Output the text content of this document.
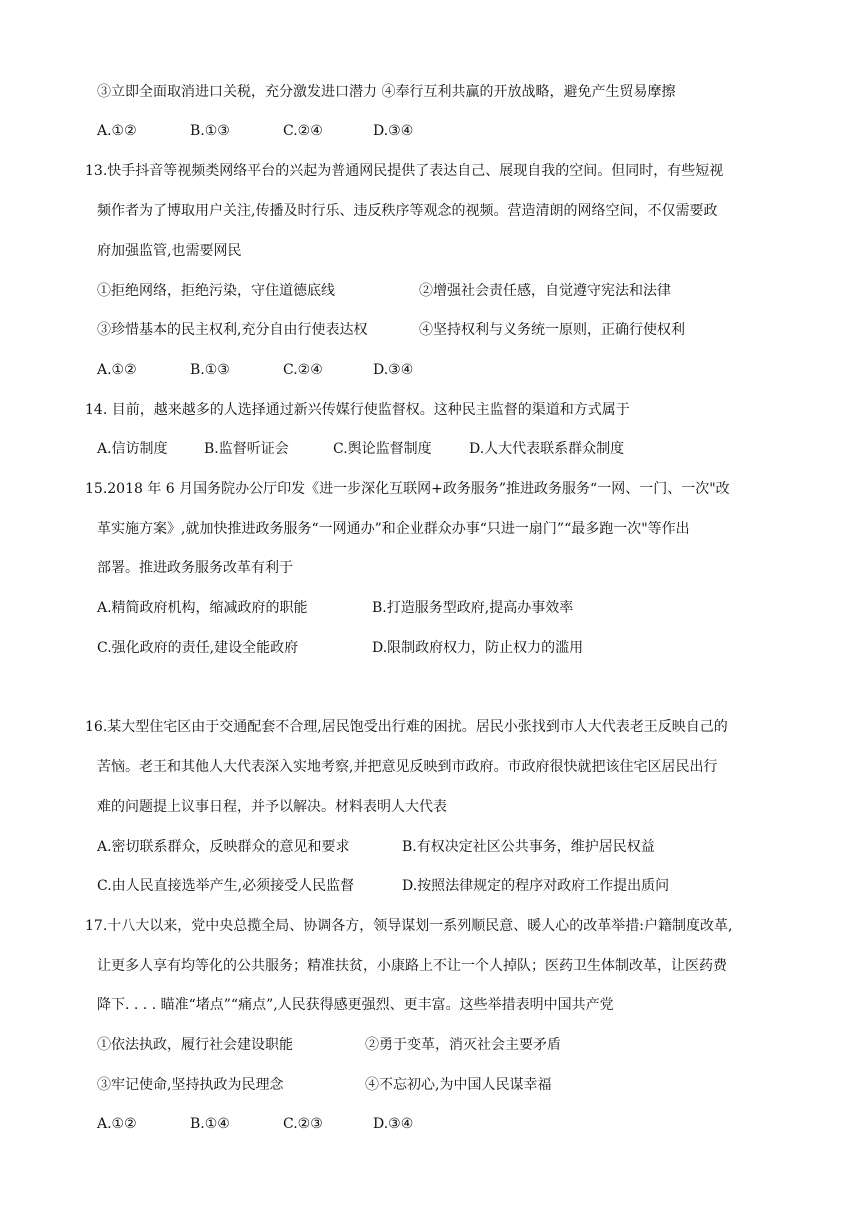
③立即全面取消进口关税，充分激发进口潜力 ④奉行互利共赢的开放战略，避免产生贸易摩擦
A.①②	B.①③	C.②④	D.③④
13.快手抖音等视频类网络平台的兴起为普通网民提供了表达自己、展现自我的空间。但同时，有些短视
频作者为了博取用户关注,传播及时行乐、违反秩序等观念的视频。营造清朗的网络空间，不仅需要政
府加强监管,也需要网民
①拒绝网络，拒绝污染，守住道德底线	②增强社会责任感，自觉遵守宪法和法律
③珍惜基本的民主权利,充分自由行使表达权	④坚持权利与义务统一原则，正确行使权利
A.①②	B.①③	C.②④	D.③④
14. 目前，越来越多的人选择通过新兴传媒行使监督权。这种民主监督的渠道和方式属于
A.信访制度	B.监督听证会	C.舆论监督制度	D.人大代表联系群众制度
15.2018 年 6 月国务院办公厅印发《进一步深化互联网+政务服务”推进政务服务“一网、一门、一次"改
革实施方案》,就加快推进政务服务“一网通办”和企业群众办事“只进一扇门”“最多跑一次"等作出
部署。推进政务服务改革有利于
A.精简政府机构，缩减政府的职能	B.打造服务型政府,提高办事效率
C.强化政府的责任,建设全能政府	D.限制政府权力，防止权力的滥用
16.某大型住宅区由于交通配套不合理,居民饱受出行难的困扰。居民小张找到市人大代表老王反映自己的
苦恼。老王和其他人大代表深入实地考察,并把意见反映到市政府。市政府很快就把该住宅区居民出行
难的问题提上议事日程，并予以解决。材料表明人大代表
A.密切联系群众，反映群众的意见和要求	B.有权决定社区公共事务，维护居民权益
C.由人民直接选举产生,必须接受人民监督	D.按照法律规定的程序对政府工作提出质问
17.十八大以来，党中央总揽全局、协调各方，领导谋划一系列顺民意、暖人心的改革举措:户籍制度改革,
让更多人享有均等化的公共服务；精准扶贫，小康路上不让一个人掉队；医药卫生体制改革，让医药费
降下. . . . 瞄准“堵点”“痛点”,人民获得感更强烈、更丰富。这些举措表明中国共产党
①依法执政，履行社会建设职能	②勇于变革，消灭社会主要矛盾
③牢记使命,坚持执政为民理念	④不忘初心,为中国人民谋幸福
A.①②	B.①④	C.②③	D.③④
